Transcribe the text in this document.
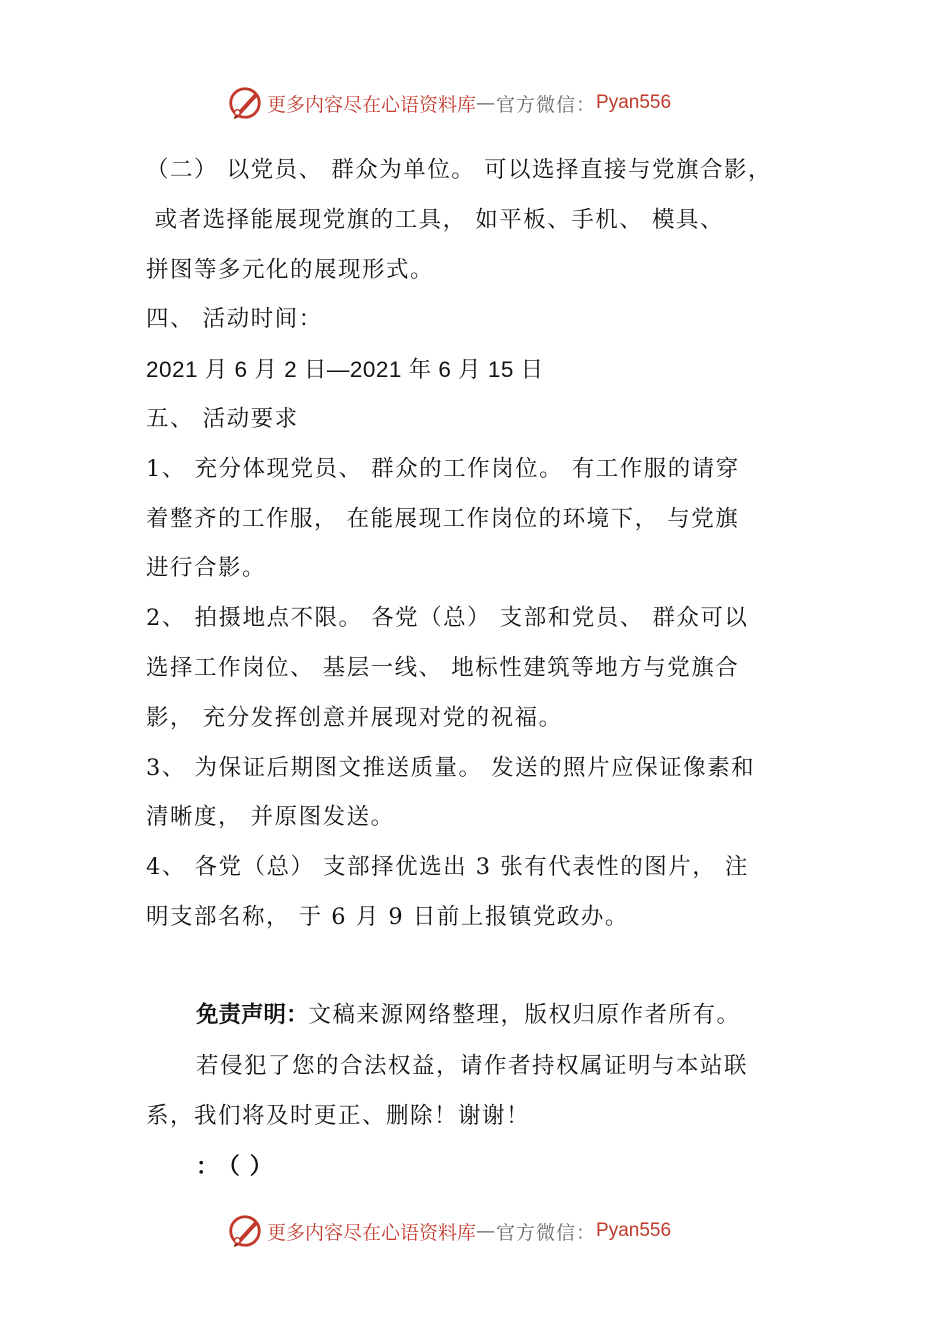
更多内容尽在心语资料库 — 官方微信： Pyan556
（二） 以党员、 群众为单位。 可以选择直接与党旗合影，
或者选择能展现党旗的工具， 如平板、手机、 模具、
拼图等多元化的展现形式。
四、 活动时间：
2021 月 6 月 2 日—2021 年 6 月 15 日
五、 活动要求
1、 充分体现党员、 群众的工作岗位。 有工作服的请穿
着整齐的工作服， 在能展现工作岗位的环境下， 与党旗
进行合影。
2、 拍摄地点不限。 各党（总） 支部和党员、 群众可以
选择工作岗位、 基层一线、 地标性建筑等地方与党旗合
影， 充分发挥创意并展现对党的祝福。
3、 为保证后期图文推送质量。 发送的照片应保证像素和
清晰度， 并原图发送。
4、 各党（总） 支部择优选出 3 张有代表性的图片， 注
明支部名称， 于 6 月 9 日前上报镇党政办。
免责声明：文稿来源网络整理，版权归原作者所有。
若侵犯了您的合法权益，请作者持权属证明与本站联
系，我们将及时更正、删除！谢谢！
：（）
更多内容尽在心语资料库 — 官方微信： Pyan556
